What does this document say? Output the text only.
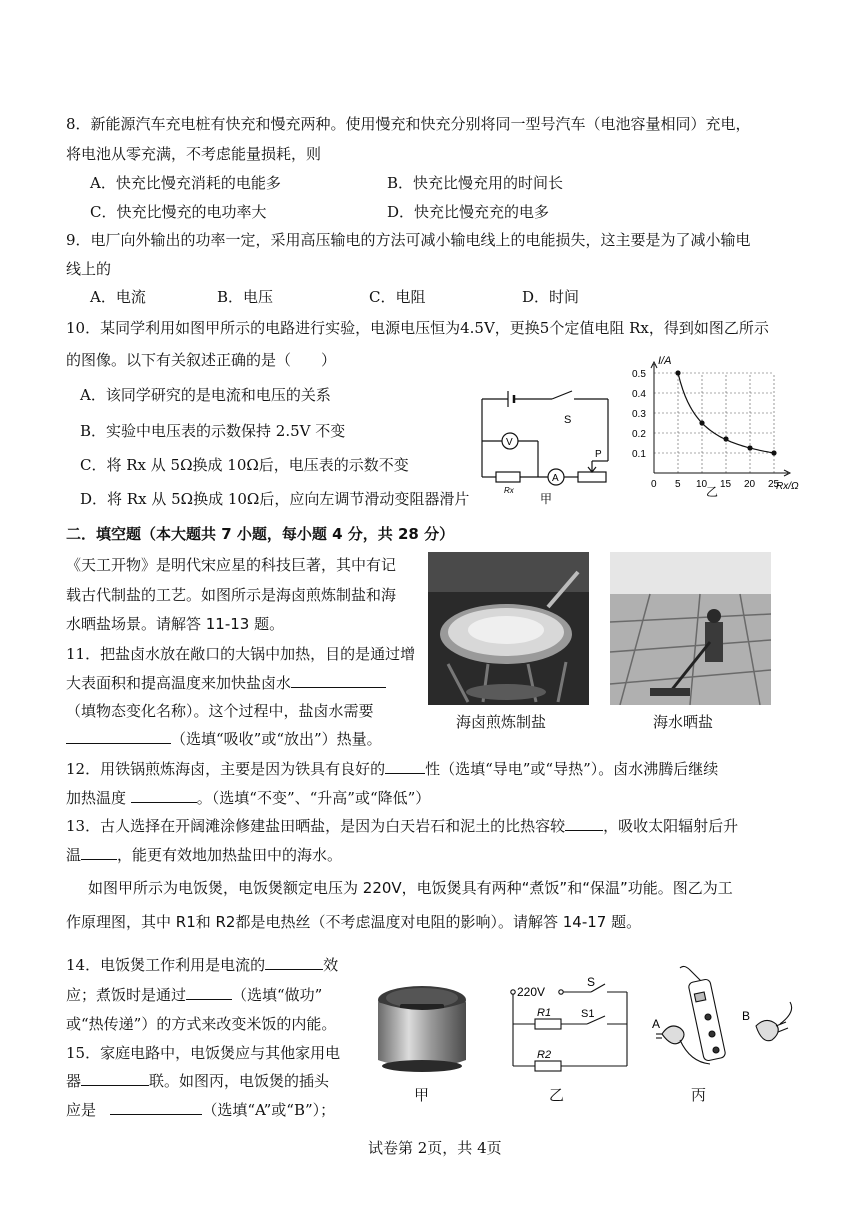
8．新能源汽车充电桩有快充和慢充两种。使用慢充和快充分别将同一型号汽车（电池容量相同）充电，
将电池从零充满，不考虑能量损耗，则
A．快充比慢充消耗的电能多	B．快充比慢充用的时间长
C．快充比慢充的电功率大	D．快充比慢充充的电多
9．电厂向外输出的功率一定，采用高压输电的方法可减小输电线上的电能损失，这主要是为了减小输电
线上的
A．电流	B．电压	C．电阻	D．时间
10．某同学利用如图甲所示的电路进行实验，电源电压恒为4.5V，更换5个定值电阻 Rx，得到如图乙所示
的图像。以下有关叙述正确的是（　　）
A．该同学研究的是电流和电压的关系
B．实验中电压表的示数保持 2.5V 不变
C．将 Rx 从 5Ω换成 10Ω后，电压表的示数不变
D．将 Rx 从 5Ω换成 10Ω后，应向左调节滑动变阻器滑片
S
V
A
P
Rx
甲
0.1
0.2
0.3
0.4
0.5
0 5 10 15 20 25
I/A
Rx/Ω
乙
二．填空题（本大题共 7 小题，每小题 4 分，共 28 分）
《天工开物》是明代宋应星的科技巨著，其中有记
载古代制盐的工艺。如图所示是海卤煎炼制盐和海
水晒盐场景。请解答 11-13 题。
海卤煎炼制盐	海水晒盐
11．把盐卤水放在敞口的大锅中加热，目的是通过增
大表面积和提高温度来加快盐卤水
（填物态变化名称）。这个过程中，盐卤水需要
（选填“吸收”或“放出”）热量。
12．用铁锅煎炼海卤，主要是因为铁具有良好的	性（选填“导电”或“导热”）。卤水沸腾后继续
加热温度	。（选填“不变”、“升高”或“降低”）
13．古人选择在开阔滩涂修建盐田晒盐，是因为白天岩石和泥土的比热容较	，吸收太阳辐射后升
温 ，能更有效地加热盐田中的海水。
如图甲所示为电饭煲，电饭煲额定电压为 220V，电饭煲具有两种“煮饭”和“保温”功能。图乙为工
作原理图，其中 R1和 R2都是电热丝（不考虑温度对电阻的影响）。请解答 14-17 题。
14．电饭煲工作利用是电流的	效
应；煮饭时是通过	（选填“做功”
或“热传递”）的方式来改变米饭的内能。
15．家庭电路中，电饭煲应与其他家用电
器	联。如图丙，电饭煲的插头
应是	（选填“A”或“B”）；
甲
220V
S
S1
R1
R2
乙
A
B
丙
试卷第 2页，共 4页
